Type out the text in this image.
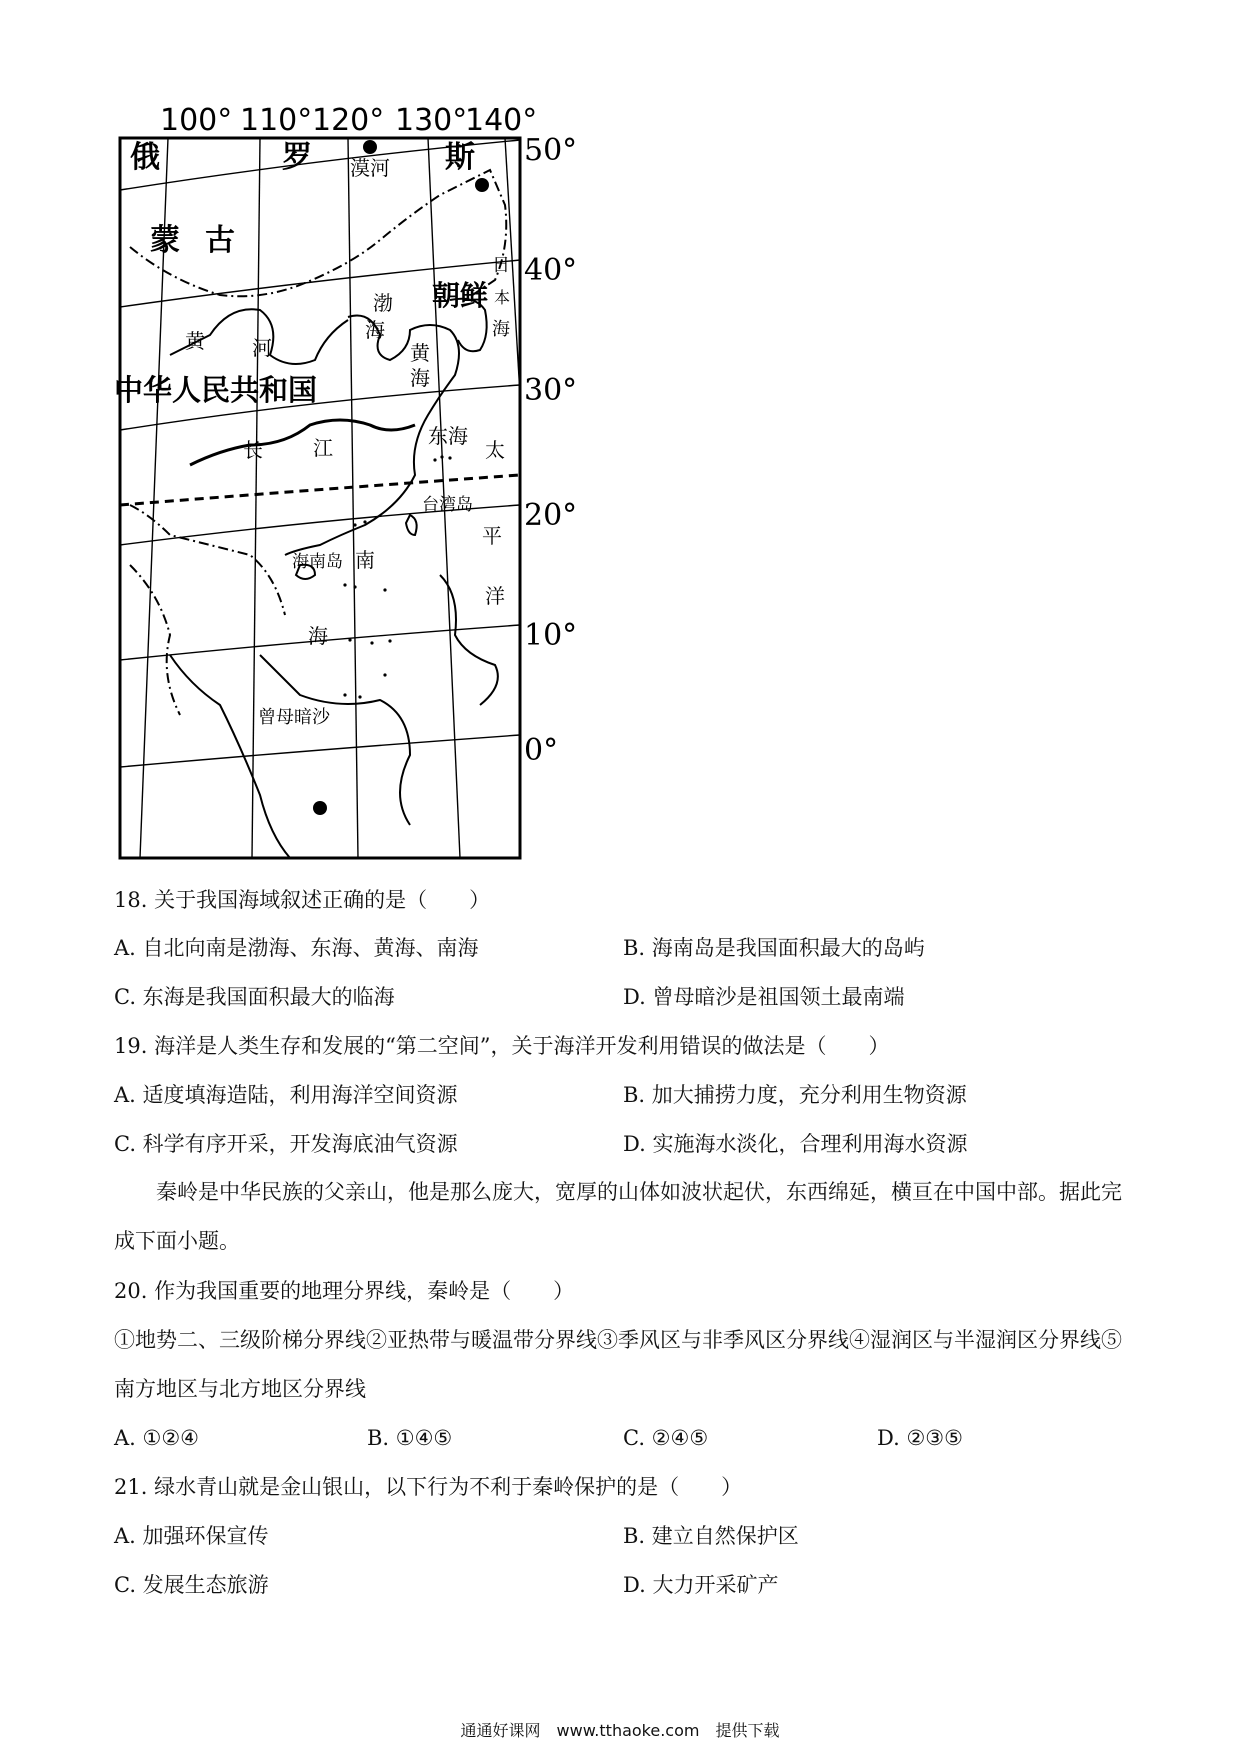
100° 110° 120° 130°
140°
50°
40°
30°
20°
10°
0°
俄	罗	斯
蒙 古
中华人民共和国
朝鲜
漠河
渤
海
黄
海
东海
台湾岛
海南岛 南
海
曾母暗沙
黄 河
长	江
日
本
海
太
平
洋
18. 关于我国海域叙述正确的是（　　）
A. 自北向南是渤海、东海、黄海、南海	B. 海南岛是我国面积最大的岛屿
C. 东海是我国面积最大的临海	D. 曾母暗沙是祖国领土最南端
19. 海洋是人类生存和发展的“第二空间”，关于海洋开发利用错误的做法是（　　）
A. 适度填海造陆，利用海洋空间资源	B. 加大捕捞力度，充分利用生物资源
C. 科学有序开采，开发海底油气资源	D. 实施海水淡化，合理利用海水资源
秦岭是中华民族的父亲山，他是那么庞大，宽厚的山体如波状起伏，东西绵延，横亘在中国中部。据此完成下面小题。
20. 作为我国重要的地理分界线，秦岭是（　　）
①地势二、三级阶梯分界线②亚热带与暖温带分界线③季风区与非季风区分界线④湿润区与半湿润区分界线⑤南方地区与北方地区分界线
A. ①②④	B. ①④⑤	C. ②④⑤	D. ②③⑤
21. 绿水青山就是金山银山，以下行为不利于秦岭保护的是（　　）
A. 加强环保宣传	B. 建立自然保护区
C. 发展生态旅游	D. 大力开采矿产
通通好课网　www.tthaoke.com　提供下载
